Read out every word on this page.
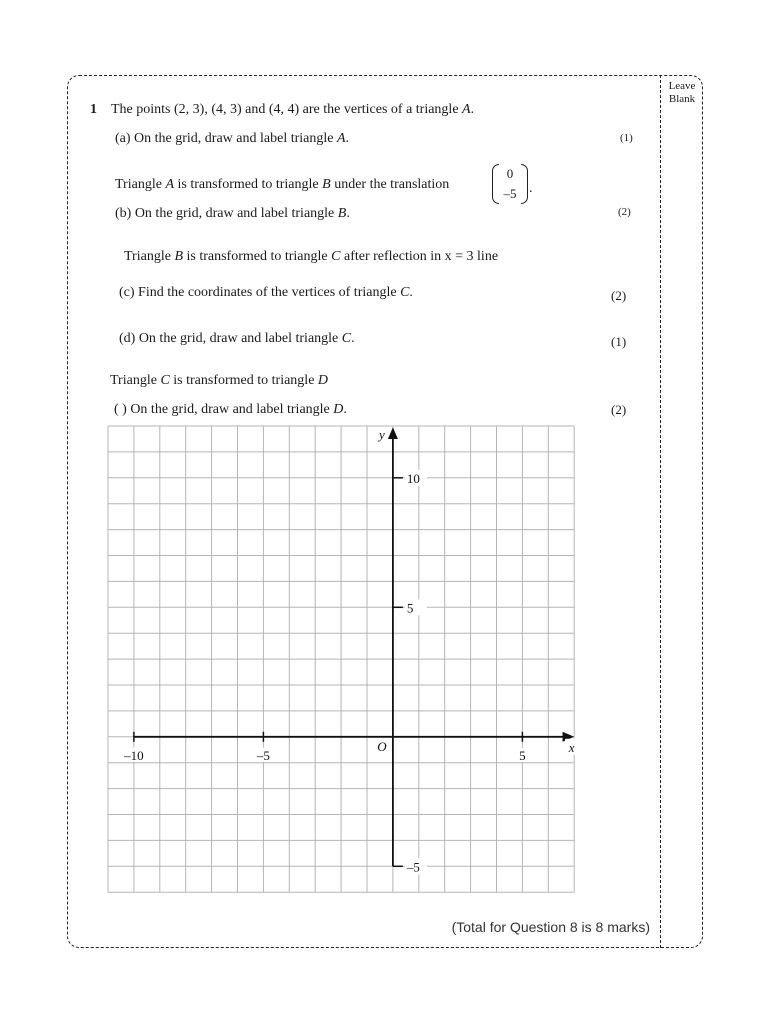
Leave
Blank
1 The points (2, 3), (4, 3) and (4, 4) are the vertices of a triangle A.
(a) On the grid, draw and label triangle A.	(1)
Triangle A is transformed to triangle B under the translation
0
–5 .
(b) On the grid, draw and label triangle B.	(2)
Triangle B is transformed to triangle C after reflection in x = 3 line
(c) Find the coordinates of the vertices of triangle C.	(2)
(d) On the grid, draw and label triangle C.	(1)
Triangle C is transformed to triangle D
( ) On the grid, draw and label triangle D.	(2)
–10	–5	5
10
5
–5
O	x
y
(Total for Question 8 is 8 marks)
